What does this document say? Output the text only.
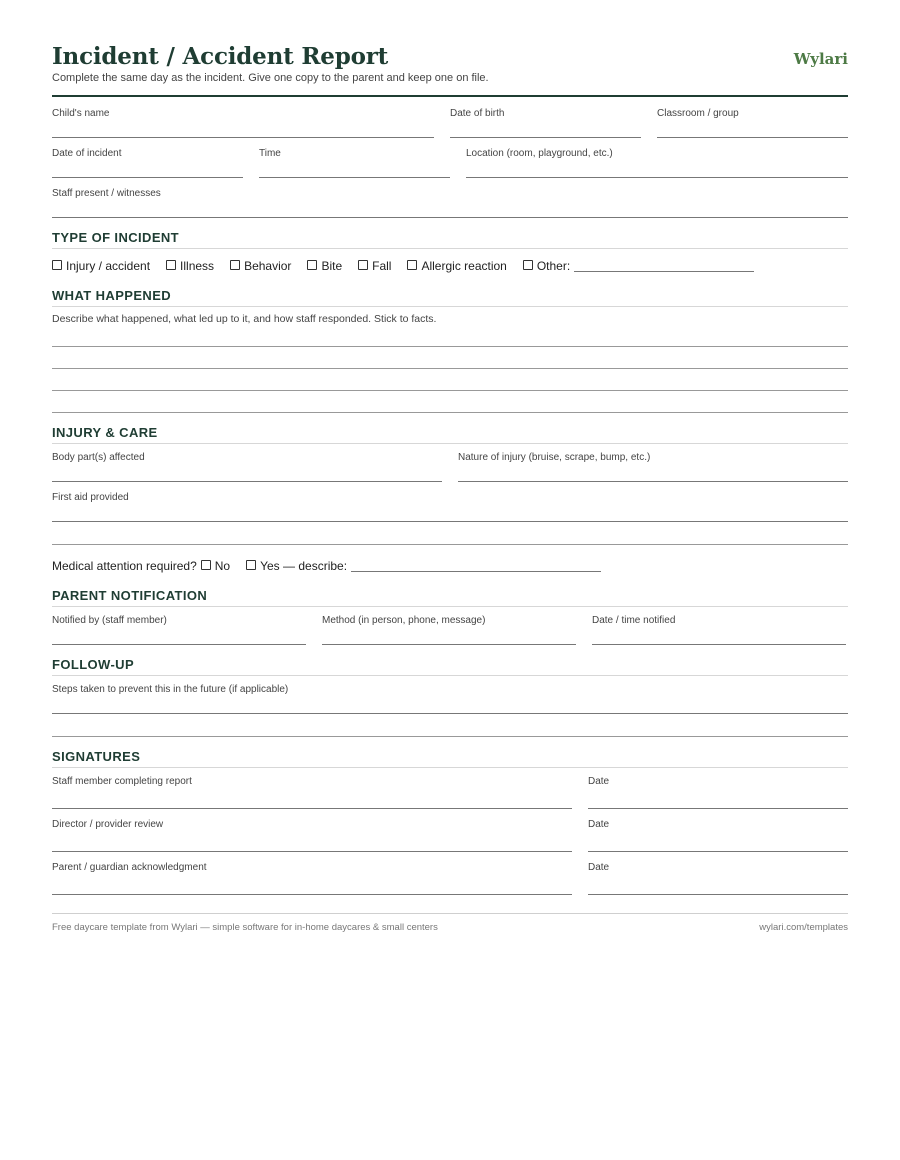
Incident / Accident Report
Complete the same day as the incident. Give one copy to the parent and keep one on file.
Wylari
Child's name	Date of birth	Classroom / group
Date of incident	Time	Location (room, playground, etc.)
Staff present / witnesses
TYPE OF INCIDENT
Injury / accident	Illness	Behavior	Bite	Fall	Allergic reaction	Other:
WHAT HAPPENED
Describe what happened, what led up to it, and how staff responded. Stick to facts.
INJURY & CARE
Body part(s) affected	Nature of injury (bruise, scrape, bump, etc.)
First aid provided
Medical attention required? No	Yes — describe:
PARENT NOTIFICATION
Notified by (staff member)	Method (in person, phone, message)	Date / time notified
FOLLOW-UP
Steps taken to prevent this in the future (if applicable)
SIGNATURES
Staff member completing report	Date
Director / provider review	Date
Parent / guardian acknowledgment	Date
Free daycare template from Wylari — simple software for in-home daycares & small centers	wylari.com/templates
